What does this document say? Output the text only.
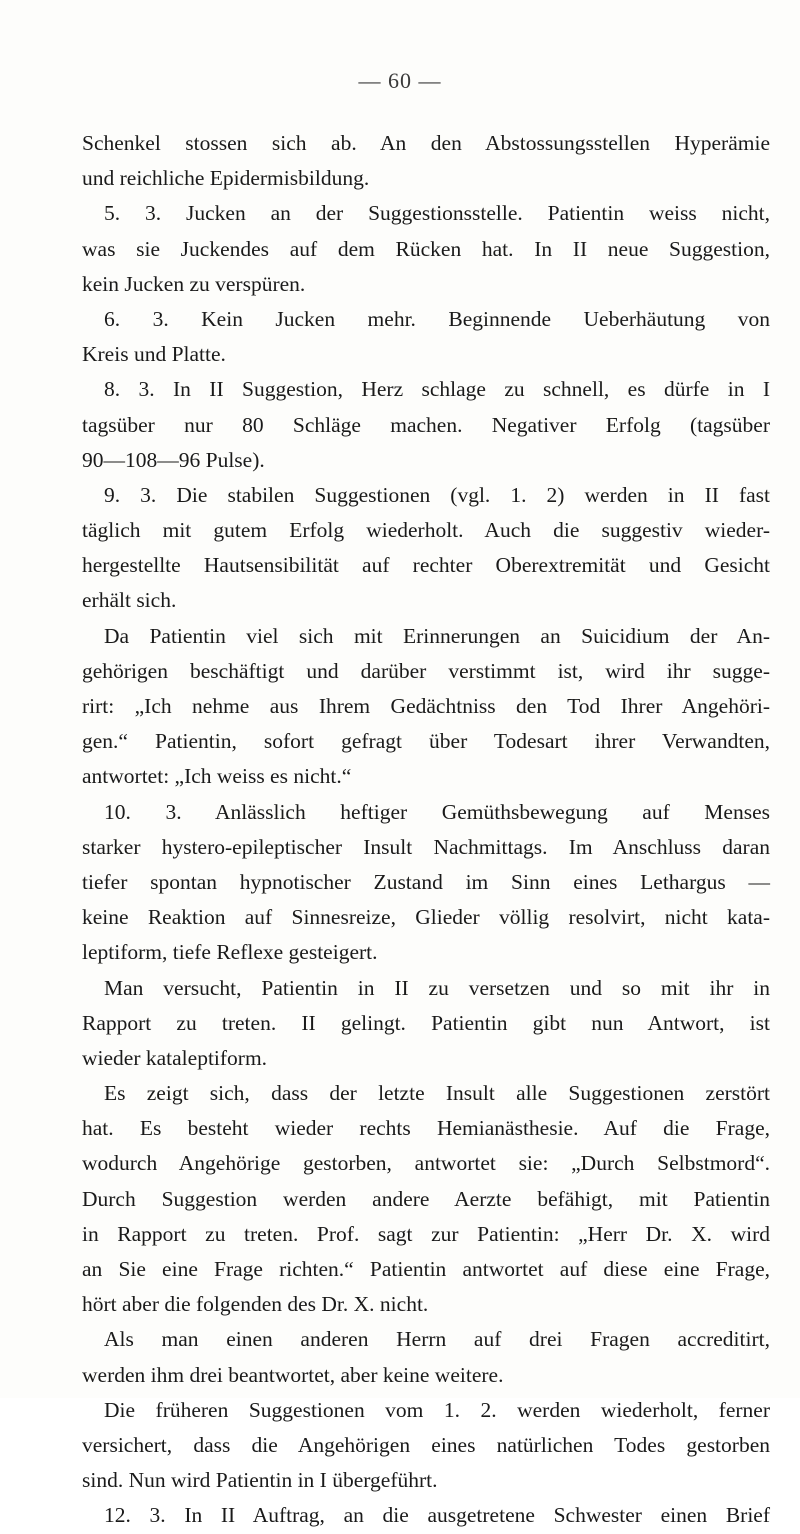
— 60 —
Schenkel stossen sich ab. An den Abstossungsstellen Hyperämie
und reichliche Epidermisbildung.
5. 3. Jucken an der Suggestionsstelle. Patientin weiss nicht,
was sie Juckendes auf dem Rücken hat. In II neue Suggestion,
kein Jucken zu verspüren.
6. 3. Kein Jucken mehr. Beginnende Ueberhäutung von
Kreis und Platte.
8. 3. In II Suggestion, Herz schlage zu schnell, es dürfe in I
tagsüber nur 80 Schläge machen. Negativer Erfolg (tagsüber
90—108—96 Pulse).
9. 3. Die stabilen Suggestionen (vgl. 1. 2) werden in II fast
täglich mit gutem Erfolg wiederholt. Auch die suggestiv wieder-
hergestellte Hautsensibilität auf rechter Oberextremität und Gesicht
erhält sich.
Da Patientin viel sich mit Erinnerungen an Suicidium der An-
gehörigen beschäftigt und darüber verstimmt ist, wird ihr sugge-
rirt: „Ich nehme aus Ihrem Gedächtniss den Tod Ihrer Angehöri-
gen.“ Patientin, sofort gefragt über Todesart ihrer Verwandten,
antwortet: „Ich weiss es nicht.“
10. 3. Anlässlich heftiger Gemüthsbewegung auf Menses
starker hystero-epileptischer Insult Nachmittags. Im Anschluss daran
tiefer spontan hypnotischer Zustand im Sinn eines Lethargus —
keine Reaktion auf Sinnesreize, Glieder völlig resolvirt, nicht kata-
leptiform, tiefe Reflexe gesteigert.
Man versucht, Patientin in II zu versetzen und so mit ihr in
Rapport zu treten. II gelingt. Patientin gibt nun Antwort, ist
wieder kataleptiform.
Es zeigt sich, dass der letzte Insult alle Suggestionen zerstört
hat. Es besteht wieder rechts Hemianästhesie. Auf die Frage,
wodurch Angehörige gestorben, antwortet sie: „Durch Selbstmord“.
Durch Suggestion werden andere Aerzte befähigt, mit Patientin
in Rapport zu treten. Prof. sagt zur Patientin: „Herr Dr. X. wird
an Sie eine Frage richten.“ Patientin antwortet auf diese eine Frage,
hört aber die folgenden des Dr. X. nicht.
Als man einen anderen Herrn auf drei Fragen accreditirt,
werden ihm drei beantwortet, aber keine weitere.
Die früheren Suggestionen vom 1. 2. werden wiederholt, ferner
versichert, dass die Angehörigen eines natürlichen Todes gestorben
sind. Nun wird Patientin in I übergeführt.
12. 3. In II Auftrag, an die ausgetretene Schwester einen Brief
